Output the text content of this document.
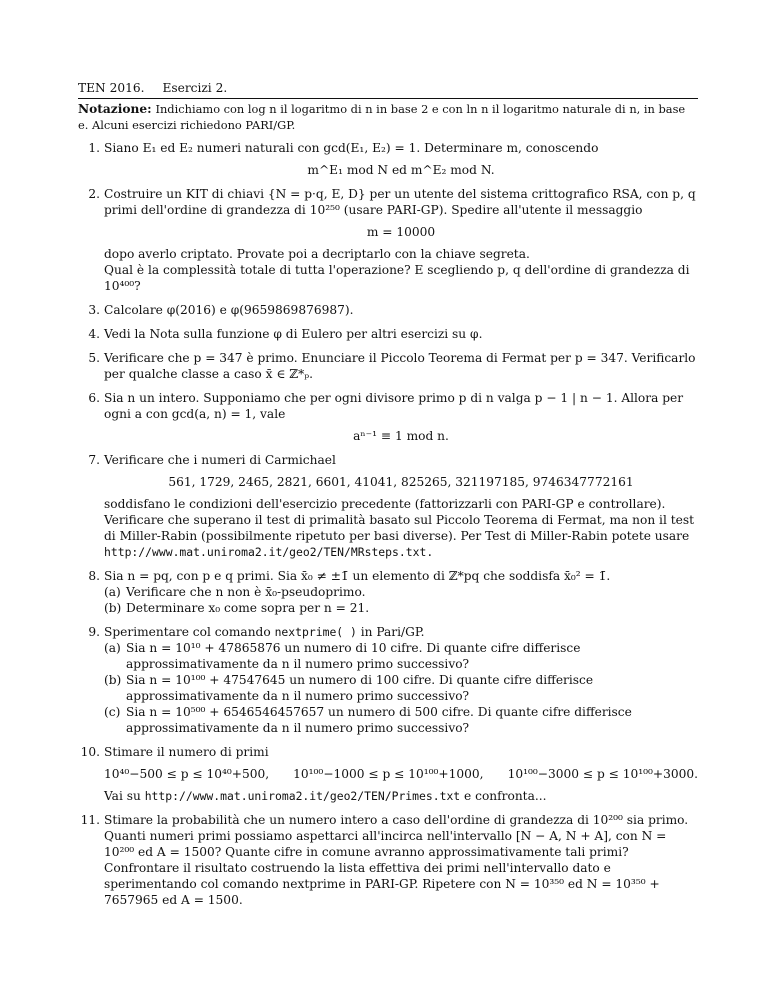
TEN 2016. Esercizi 2.
Notazione: Indichiamo con log n il logaritmo di n in base 2 e con ln n il logaritmo naturale di n, in base e. Alcuni esercizi richiedono PARI/GP.
1. Siano E₁ ed E₂ numeri naturali con gcd(E₁, E₂) = 1. Determinare m, conoscendo
m^E₁ mod N ed m^E₂ mod N.
2. Costruire un KIT di chiavi {N = p·q, E, D} per un utente del sistema crittografico RSA, con p, q primi dell'ordine di grandezza di 10²⁵⁰ (usare PARI-GP). Spedire all'utente il messaggio
m = 10000
dopo averlo criptato. Provate poi a decriptarlo con la chiave segreta.
Qual è la complessità totale di tutta l'operazione? E scegliendo p, q dell'ordine di grandezza di 10⁴⁰⁰?
3. Calcolare φ(2016) e φ(9659869876987).
4. Vedi la Nota sulla funzione φ di Eulero per altri esercizi su φ.
5. Verificare che p = 347 è primo. Enunciare il Piccolo Teorema di Fermat per p = 347. Verificarlo per qualche classe a caso x̄ ∈ ℤ*ₚ.
6. Sia n un intero. Supponiamo che per ogni divisore primo p di n valga p − 1 | n − 1. Allora per ogni a con gcd(a, n) = 1, vale
aⁿ⁻¹ ≡ 1 mod n.
7. Verificare che i numeri di Carmichael
561, 1729, 2465, 2821, 6601, 41041, 825265, 321197185, 9746347772161
soddisfano le condizioni dell'esercizio precedente (fattorizzarli con PARI-GP e controllare). Verificare che superano il test di primalità basato sul Piccolo Teorema di Fermat, ma non il test di Miller-Rabin (possibilmente ripetuto per basi diverse). Per Test di Miller-Rabin potete usare
http://www.mat.uniroma2.it/geo2/TEN/MRsteps.txt.
8. Sia n = pq, con p e q primi. Sia x̄₀ ≠ ±1̄ un elemento di ℤ*pq che soddisfa x̄₀² = 1̄.
(a) Verificare che n non è x̄₀-pseudoprimo.
(b) Determinare x₀ come sopra per n = 21.
9. Sperimentare col comando nextprime( ) in Pari/GP.
(a) Sia n = 10¹⁰ + 47865876 un numero di 10 cifre. Di quante cifre differisce approssimativamente da n il numero primo successivo?
(b) Sia n = 10¹⁰⁰ + 47547645 un numero di 100 cifre. Di quante cifre differisce approssimativamente da n il numero primo successivo?
(c) Sia n = 10⁵⁰⁰ + 6546546457657 un numero di 500 cifre. Di quante cifre differisce approssimativamente da n il numero primo successivo?
10. Stimare il numero di primi
10⁴⁰−500 ≤ p ≤ 10⁴⁰+500, 10¹⁰⁰−1000 ≤ p ≤ 10¹⁰⁰+1000, 10¹⁰⁰−3000 ≤ p ≤ 10¹⁰⁰+3000.
Vai su http://www.mat.uniroma2.it/geo2/TEN/Primes.txt e confronta...
11. Stimare la probabilità che un numero intero a caso dell'ordine di grandezza di 10²⁰⁰ sia primo. Quanti numeri primi possiamo aspettarci all'incirca nell'intervallo [N − A, N + A], con N = 10²⁰⁰ ed A = 1500? Quante cifre in comune avranno approssimativamente tali primi? Confrontare il risultato costruendo la lista effettiva dei primi nell'intervallo dato e sperimentando col comando nextprime in PARI-GP. Ripetere con N = 10³⁵⁰ ed N = 10³⁵⁰ + 7657965 ed A = 1500.
